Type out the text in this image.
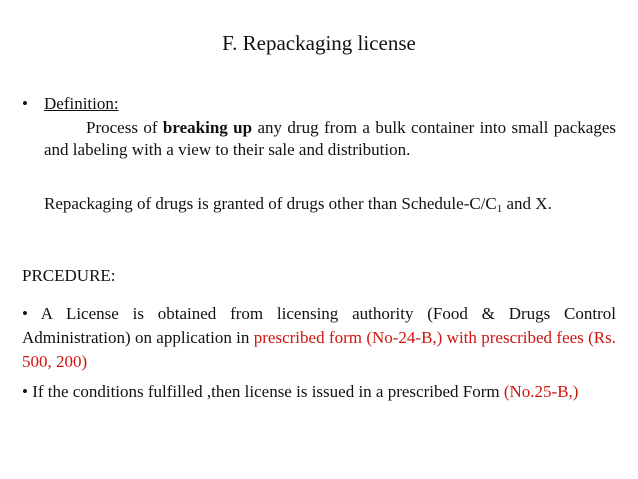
F. Repackaging license
• Definition:
Process of breaking up any drug from a bulk container into small packages and labeling with a view to their sale and distribution.
Repackaging of drugs is granted of drugs other than Schedule-$C/C_1$ and X.
PRCEDURE:
• A License is obtained from licensing authority (Food & Drugs Control Administration) on application in prescribed form (No-24-B,) with prescribed fees (Rs. 500, 200)
• If the conditions fulfilled ,then license is issued in a prescribed Form (No.25-B,)
